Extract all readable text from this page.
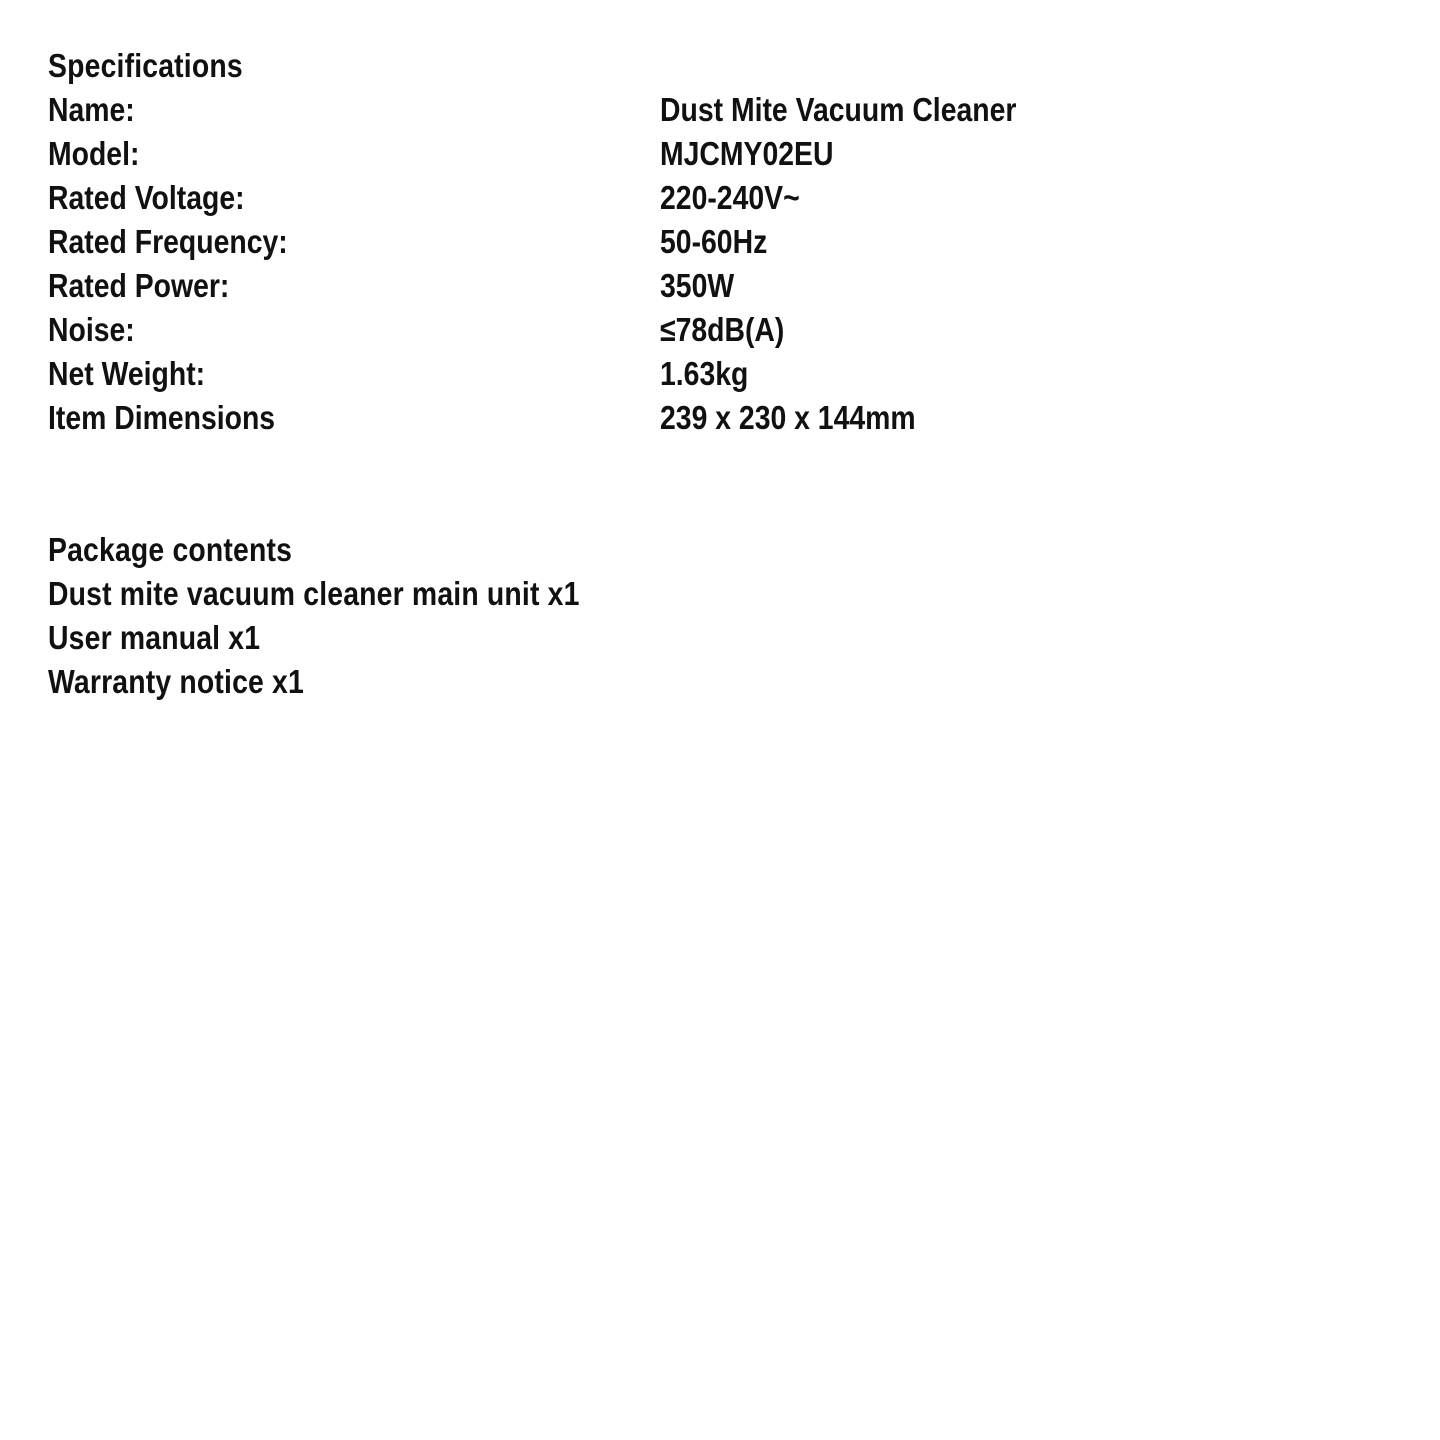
Specifications
Name:	Dust Mite Vacuum Cleaner
Model:	MJCMY02EU
Rated Voltage:	220-240V~
Rated Frequency:	50-60Hz
Rated Power:	350W
Noise:	≤78dB(A)
Net Weight:	1.63kg
Item Dimensions	239 x 230 x 144mm
Package contents
Dust mite vacuum cleaner main unit x1
User manual x1
Warranty notice x1
